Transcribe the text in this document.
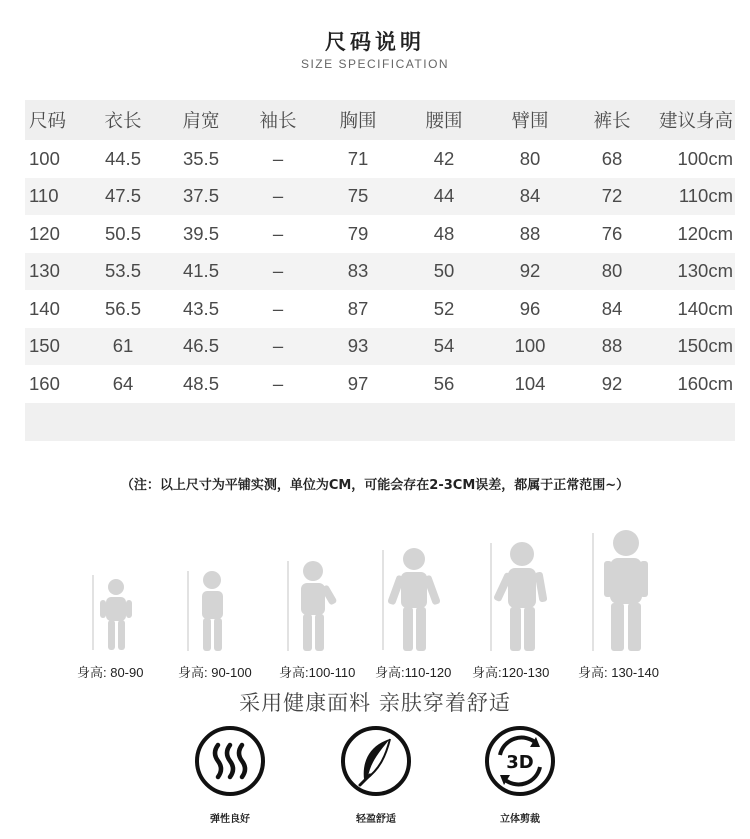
尺码说明
SIZE SPECIFICATION
尺码	衣长	肩宽	袖长	胸围	腰围	臂围	裤长	建议身高
100	44.5	35.5	–	71	42	80	68	100cm
110	47.5	37.5	–	75	44	84	72	110cm
120	50.5	39.5	–	79	48	88	76	120cm
130	53.5	41.5	–	83	50	92	80	130cm
140	56.5	43.5	–	87	52	96	84	140cm
150	61	46.5	–	93	54	100	88	150cm
160	64	48.5	–	97	56	104	92	160cm

（注：以上尺寸为平铺实测，单位为CM，可能会存在2-3CM误差，都属于正常范围~）
身高: 80-90	身高: 90-100 身高:100-110 身高:110-120 身高:120-130 身高: 130-140
采用健康面料 亲肤穿着舒适
3D
弹性良好	轻盈舒适	立体剪裁
